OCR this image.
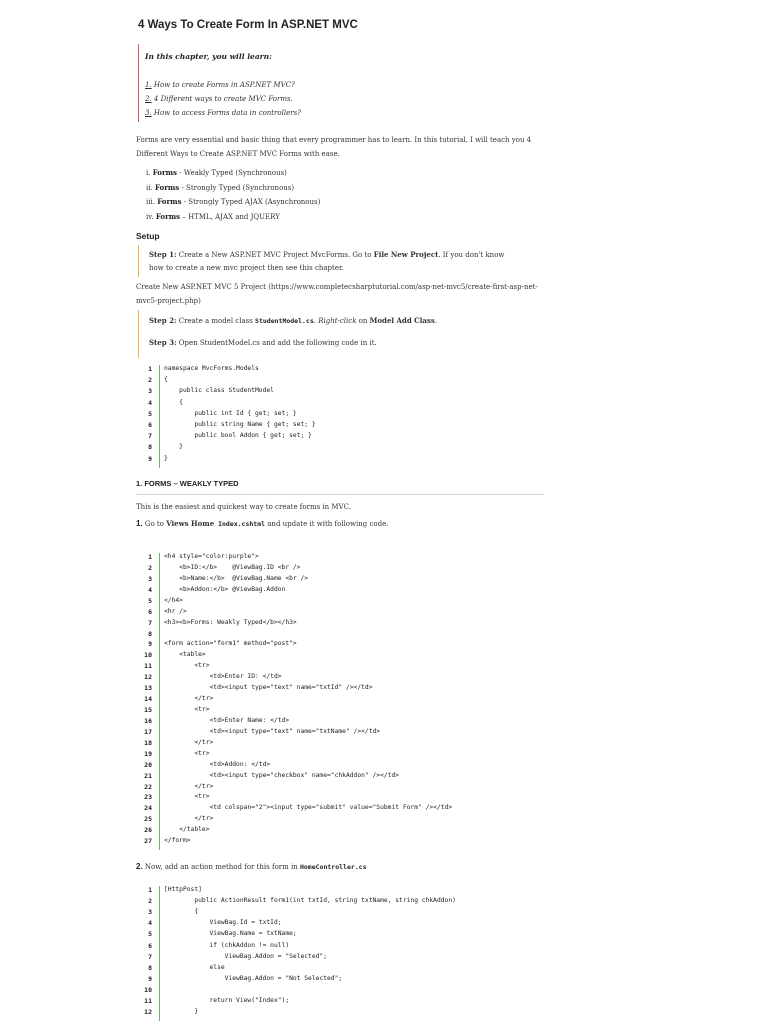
4 Ways To Create Form In ASP.NET MVC
In this chapter, you will learn:
1. How to create Forms in ASP.NET MVC?
2. 4 Different ways to create MVC Forms.
3. How to access Forms data in controllers?
Forms are very essential and basic thing that every programmer has to learn. In this tutorial, I will teach you 4
Different Ways to Create ASP.NET MVC Forms with ease.
i. Forms - Weakly Typed (Synchronous)
ii. Forms - Strongly Typed (Synchronous)
iii. Forms - Strongly Typed AJAX (Asynchronous)
iv. Forms – HTML, AJAX and JQUERY
Setup
Step 1: Create a New ASP.NET MVC Project MvcForms. Go to File New Project. If you don't know
how to create a new mvc project then see this chapter.
Create New ASP.NET MVC 5 Project (https://www.completecsharptutorial.com/asp-net-mvc5/create-first-asp-net-
mvc5-project.php)
Step 2: Create a model class StudentModel.cs. Right-click on Model Add Class.
Step 3: Open StudentModel.cs and add the following code in it.
1
2
3
4
5
6
7
8
9
namespace MvcForms.Models
{
public class StudentModel
{
public int Id { get; set; }
public string Name { get; set; }
public bool Addon { get; set; }
}
}
1. FORMS – WEAKLY TYPED
This is the easiest and quickest way to create forms in MVC.
1. Go to Views Home Index.cshtml and update it with following code.
1
2
3
4
5
6
7
8
9
10
11
12
13
14
15
16
17
18
19
20
21
22
23
24
25
26
27
<h4 style="color:purple">
<b>ID:</b>    @ViewBag.ID <br />
<b>Name:</b>  @ViewBag.Name <br />
<b>Addon:</b> @ViewBag.Addon
</h4>
<hr />
<h3><b>Forms: Weakly Typed</b></h3>
<form action="form1" method="post">
<table>
<tr>
<td>Enter ID: </td>
<td><input type="text" name="txtId" /></td>
</tr>
<tr>
<td>Enter Name: </td>
<td><input type="text" name="txtName" /></td>
</tr>
<tr>
<td>Addon: </td>
<td><input type="checkbox" name="chkAddon" /></td>
</tr>
<tr>
<td colspan="2"><input type="submit" value="Submit Form" /></td>
</tr>
</table>
</form>
2. Now, add an action method for this form in HomeController.cs
1
2
3
4
5
6
7
8
9
10
11
12
[HttpPost]
public ActionResult form1(int txtId, string txtName, string chkAddon)
{
ViewBag.Id = txtId;
ViewBag.Name = txtName;
if (chkAddon != null)
ViewBag.Addon = "Selected";
else
ViewBag.Addon = "Not Selected";
return View("Index");
}
